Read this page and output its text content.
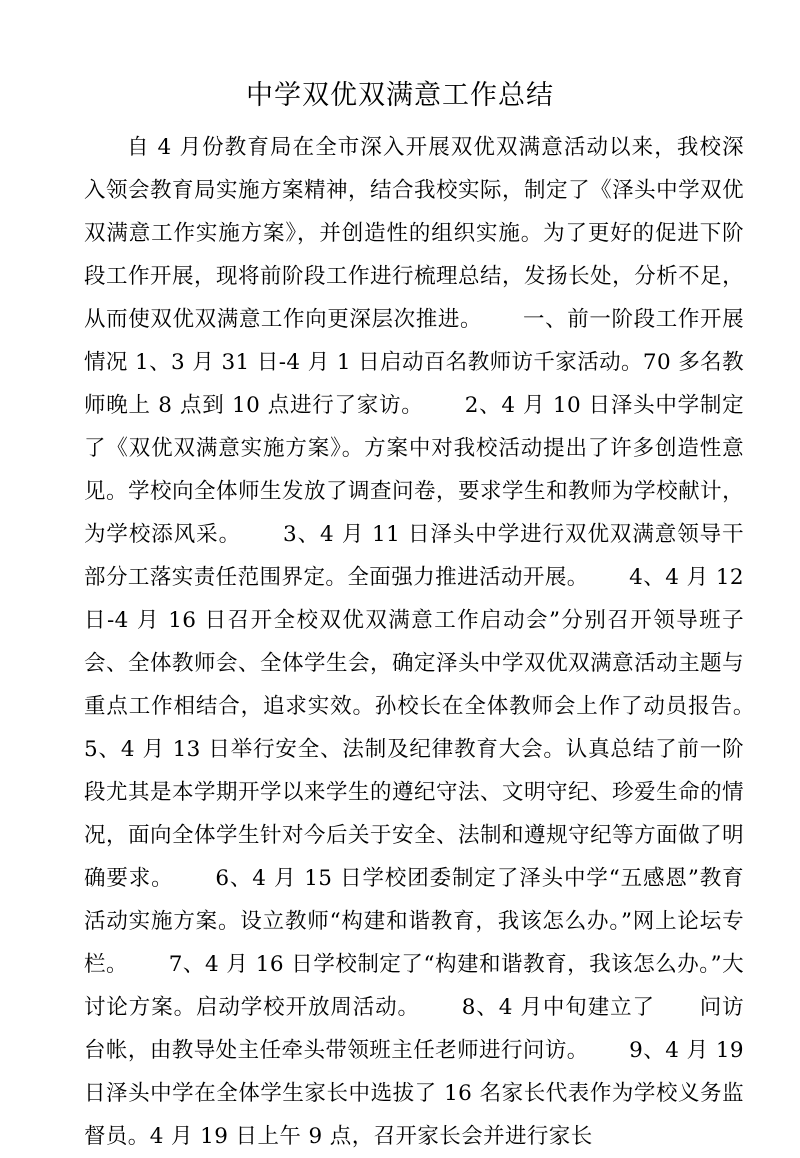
中学双优双满意工作总结

自 4 月份教育局在全市深入开展双优双满意活动以来，我校深入领会教育局实施方案精神，结合我校实际，制定了《泽头中学双优双满意工作实施方案》，并创造性的组织实施。为了更好的促进下阶段工作开展，现将前阶段工作进行梳理总结，发扬长处，分析不足，从而使双优双满意工作向更深层次推进。　　 一、前一阶段工作开展情况 1、3 月 31 日-4 月 1 日启动百名教师访千家活动。70 多名教师晚上 8 点到 10 点进行了家访。　　 2、4 月 10 日泽头中学制定了《双优双满意实施方案》。方案中对我校活动提出了许多创造性意见。学校向全体师生发放了调查问卷，要求学生和教师为学校献计，为学校添风采。　　 3、4 月 11 日泽头中学进行双优双满意领导干部分工落实责任范围界定。全面强力推进活动开展。　　 4、4 月 12 日-4 月 16 日召开全校双优双满意工作启动会”分别召开领导班子会、全体教师会、全体学生会，确定泽头中学双优双满意活动主题与重点工作相结合，追求实效。孙校长在全体教师会上作了动员报告。　　 5、4 月 13 日举行安全、法制及纪律教育大会。认真总结了前一阶段尤其是本学期开学以来学生的遵纪守法、文明守纪、珍爱生命的情况，面向全体学生针对今后关于安全、法制和遵规守纪等方面做了明确要求。　　 6、4 月 15 日学校团委制定了泽头中学“五感恩”教育活动实施方案。设立教师“构建和谐教育，我该怎么办。”网上论坛专栏。　　 7、4 月 16 日学校制定了“构建和谐教育，我该怎么办。”大讨论方案。启动学校开放周活动。　　 8、4 月中旬建立了　　问访台帐，由教导处主任牵头带领班主任老师进行问访。　　 9、4 月 19 日泽头中学在全体学生家长中选拔了 16 名家长代表作为学校义务监督员。4 月 19 日上午 9 点，召开家长会并进行家长
